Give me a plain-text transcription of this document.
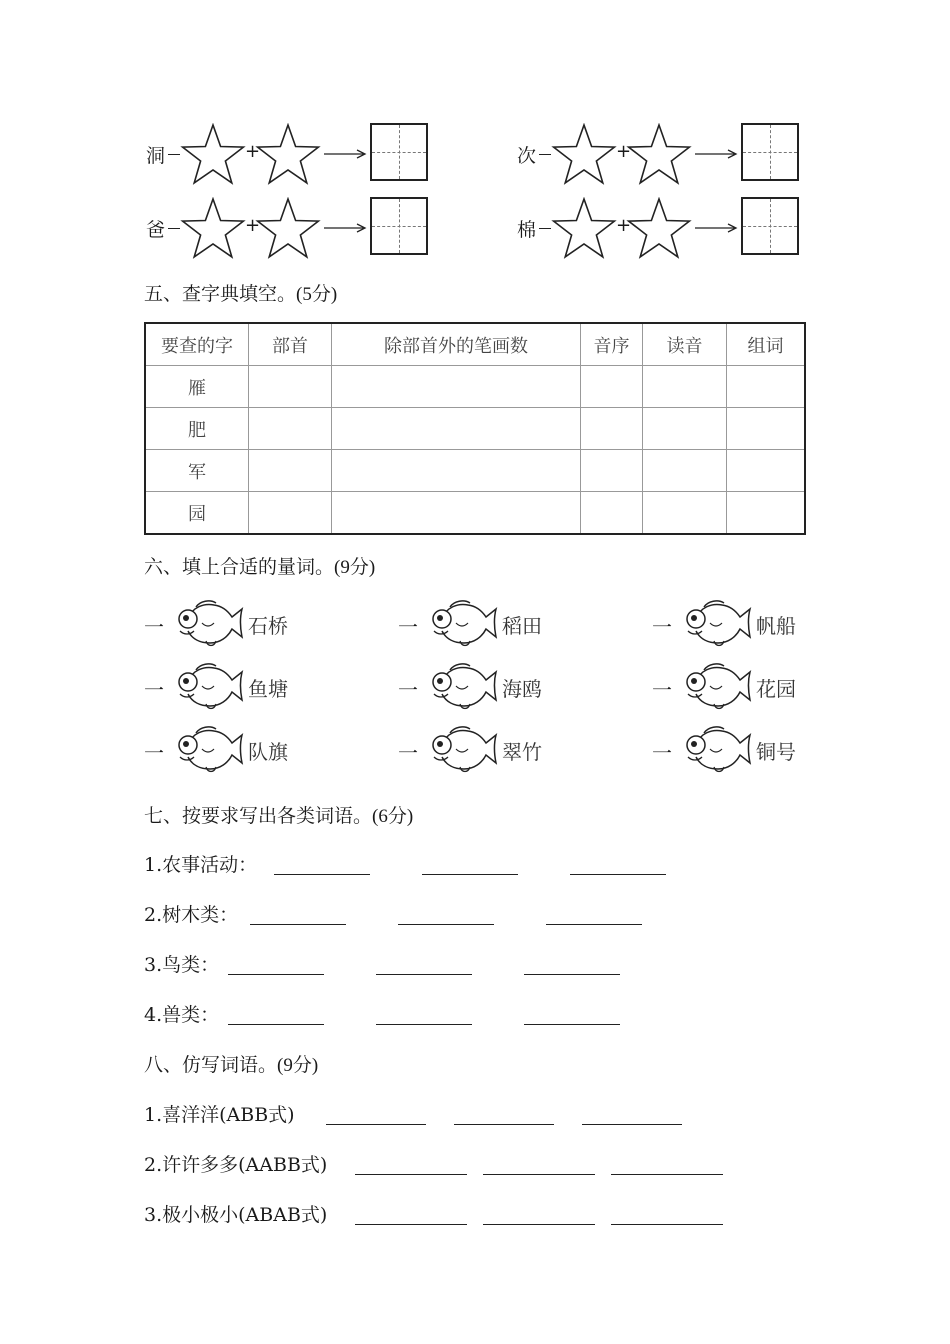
洞	+	次	+
爸	+	棉	+
五、查字典填空。(5分)
要查的字	部首	除部首外的笔画数	音序	读音	组词
雁					
肥					
军					
园					
六、填上合适的量词。(9分)
一	石桥	一	稻田	一	帆船
一	鱼塘	一	海鸥	一	花园
一	队旗	一	翠竹	一	铜号
七、按要求写出各类词语。(6分)
1.农事活动：
2.树木类：
3.鸟类：
4.兽类：
八、仿写词语。(9分)
1.喜洋洋(ABB式)
2.许许多多(AABB式)
3.极小极小(ABAB式)
